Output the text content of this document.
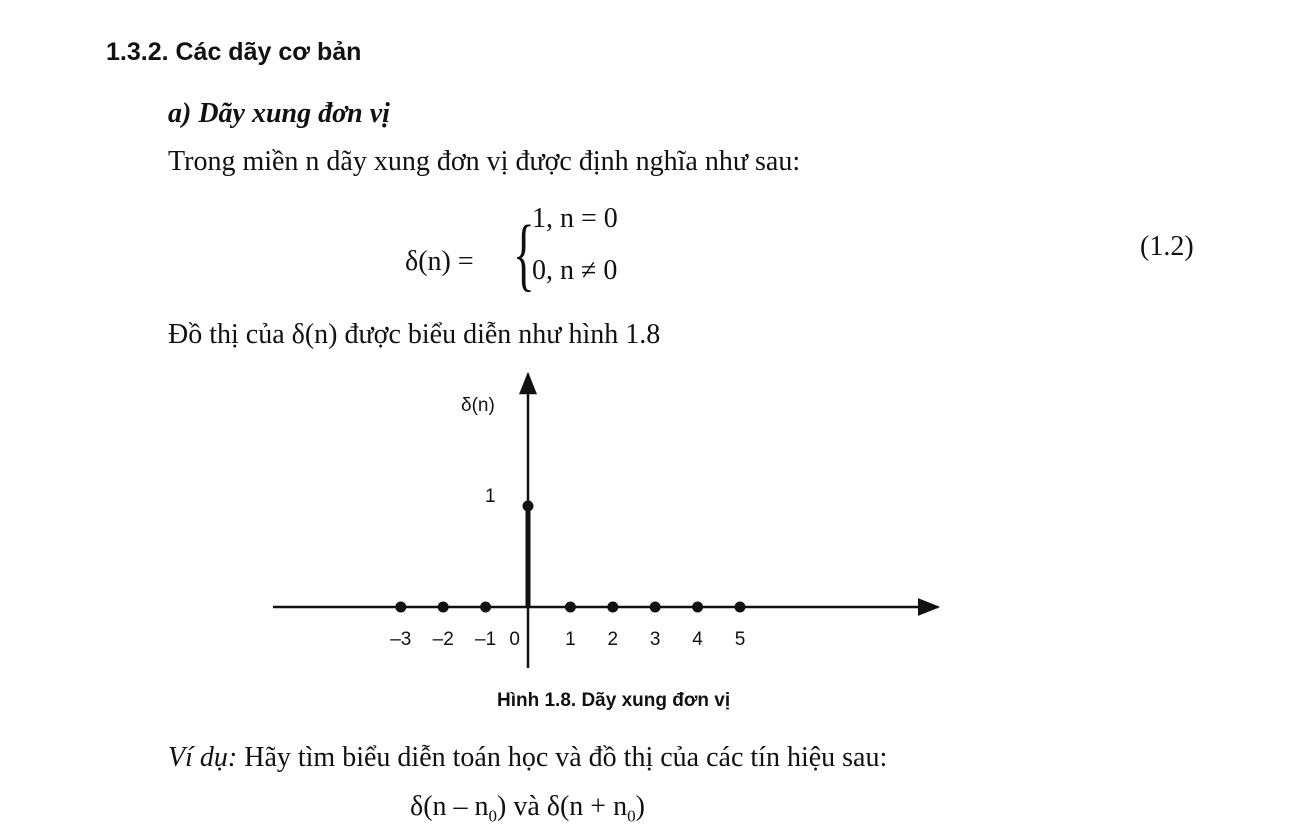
1.3.2. Các dãy cơ bản
a) Dãy xung đơn vị
Trong miền n dãy xung đơn vị được định nghĩa như sau:
δ(n) = {
1, n = 0
0, n ≠ 0
(1.2)
Đồ thị của δ(n) được biểu diễn như hình 1.8
–3 –2 –1 0 1 2 3 4 5
δ(n)
1
Hình 1.8. Dãy xung đơn vị
Ví dụ: Hãy tìm biểu diễn toán học và đồ thị của các tín hiệu sau:
$\delta(n - n_0)$ và $\delta(n + n_0)$
